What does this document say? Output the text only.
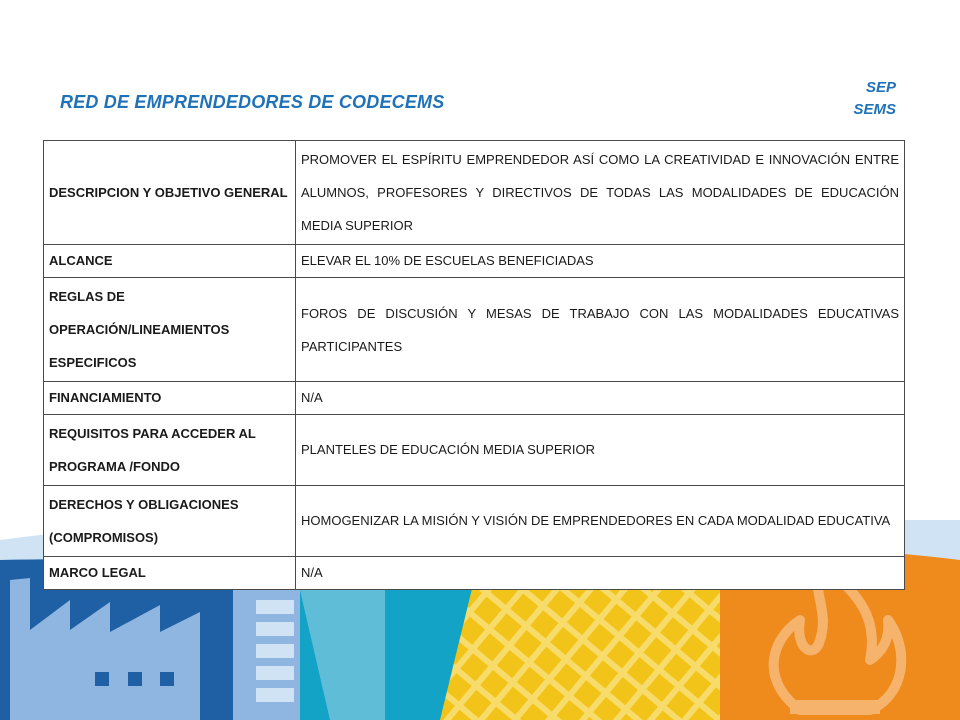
RED DE EMPRENDEDORES DE CODECEMS
SEP
SEMS
DESCRIPCION Y OBJETIVO GENERAL	PROMOVER EL ESPÍRITU EMPRENDEDOR ASÍ COMO LA CREATIVIDAD E INNOVACIÓN ENTRE ALUMNOS, PROFESORES Y DIRECTIVOS DE TODAS LAS MODALIDADES DE EDUCACIÓN MEDIA SUPERIOR
ALCANCE	ELEVAR EL 10% DE ESCUELAS BENEFICIADAS
REGLAS DE OPERACIÓN/LINEAMIENTOS ESPECIFICOS	FOROS DE DISCUSIÓN Y MESAS DE TRABAJO CON LAS MODALIDADES EDUCATIVAS PARTICIPANTES
FINANCIAMIENTO	N/A
REQUISITOS PARA ACCEDER AL PROGRAMA /FONDO	PLANTELES DE EDUCACIÓN MEDIA SUPERIOR
DERECHOS Y OBLIGACIONES (COMPROMISOS)	HOMOGENIZAR LA MISIÓN Y VISIÓN DE EMPRENDEDORES EN CADA MODALIDAD EDUCATIVA
MARCO LEGAL	N/A
